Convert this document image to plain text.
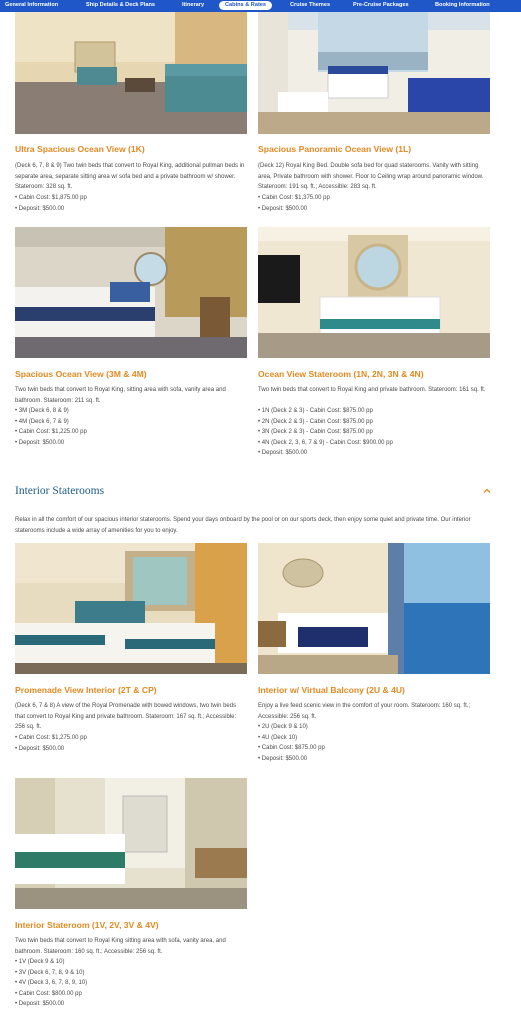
General Information	Ship Details & Deck Plans	Itinerary	Cabins & Rates	Cruise Themes	Pre-Cruise Packages	Booking Information
Ultra Spacious Ocean View (1K)
(Deck 6, 7, 8 & 9) Two twin beds that convert to Royal King, additional pullman beds in separate area, separate sitting area w/ sofa bed and a private bathroom w/ shower. Stateroom: 328 sq. ft.
• Cabin Cost: $1,875.00 pp
• Deposit: $500.00
Spacious Panoramic Ocean View (1L)
(Deck 12) Royal King Bed. Double sofa bed for quad staterooms. Vanity with sitting area, Private bathroom with shower. Floor to Ceiling wrap around panoramic window. Stateroom: 191 sq. ft.; Accessible: 283 sq. ft.
• Cabin Cost: $1,375.00 pp
• Deposit: $500.00
Spacious Ocean View (3M & 4M)
Two twin beds that convert to Royal King, sitting area with sofa, vanity area and bathroom. Stateroom: 211 sq. ft.
• 3M (Deck 6, 8 & 9)
• 4M (Deck 6, 7 & 9)
• Cabin Cost: $1,225.00 pp
• Deposit: $500.00
Ocean View Stateroom (1N, 2N, 3N & 4N)
Two twin beds that convert to Royal King and private bathroom. Stateroom: 161 sq. ft.
• 1N (Deck 2 & 3) - Cabin Cost: $875.00 pp
• 2N (Deck 2 & 3) - Cabin Cost: $875.00 pp
• 3N (Deck 2 & 3) - Cabin Cost: $875.00 pp
• 4N (Deck 2, 3, 6, 7 & 9) - Cabin Cost: $900.00 pp
• Deposit: $500.00
Interior Staterooms
Relax in all the comfort of our spacious interior staterooms. Spend your days onboard by the pool or on our sports deck, then enjoy some quiet and private time. Our interior staterooms include a wide array of amenities for you to enjoy.
Promenade View Interior (2T & CP)
(Deck 6, 7 & 8) A view of the Royal Promenade with bowed windows, two twin beds that convert to Royal King and private bathroom. Stateroom: 167 sq. ft.; Accessible: 256 sq. ft.
• Cabin Cost: $1,275.00 pp
• Deposit: $500.00
Interior w/ Virtual Balcony (2U & 4U)
Enjoy a live feed scenic view in the comfort of your room. Stateroom: 160 sq. ft.; Accessible: 256 sq. ft.
• 2U (Deck 9 & 10)
• 4U (Deck 10)
• Cabin Cost: $875.00 pp
• Deposit: $500.00
Interior Stateroom (1V, 2V, 3V & 4V)
Two twin beds that convert to Royal King sitting area with sofa, vanity area, and bathroom. Stateroom: 160 sq. ft.; Accessible: 256 sq. ft.
• 1V (Deck 9 & 10)
• 3V (Deck 6, 7, 8, 9 & 10)
• 4V (Deck 3, 6, 7, 8, 9, 10)
• Cabin Cost: $800.00 pp
• Deposit: $500.00
